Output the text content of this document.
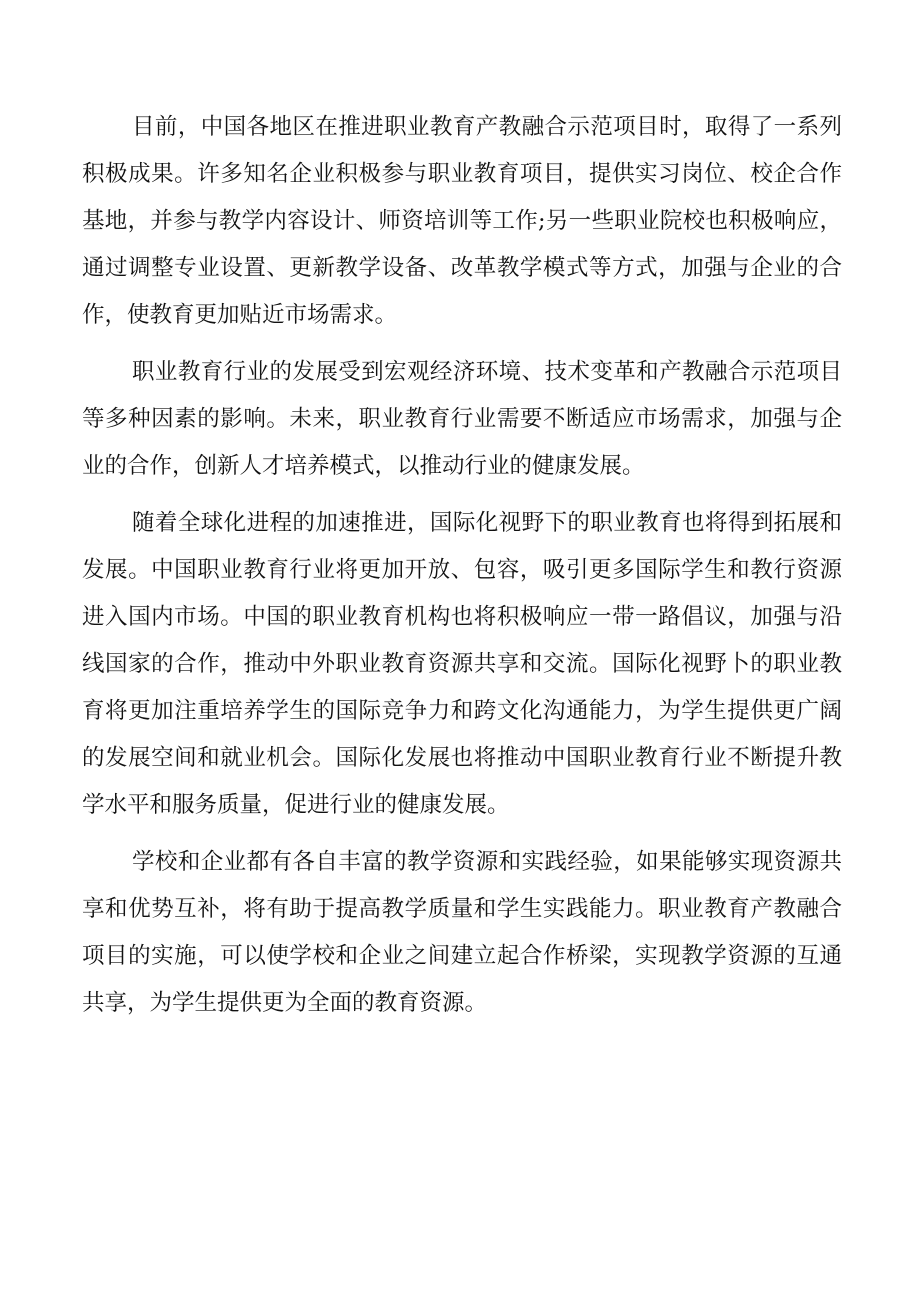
目前，中国各地区在推进职业教育产教融合示范项目时，取得了一系列积极成果。许多知名企业积极参与职业教育项目，提供实习岗位、校企合作基地，并参与教学内容设计、师资培训等工作;另一些职业院校也积极响应，通过调整专业设置、更新教学设备、改革教学模式等方式，加强与企业的合作，使教育更加贴近市场需求。

职业教育行业的发展受到宏观经济环境、技术变革和产教融合示范项目等多种因素的影响。未来，职业教育行业需要不断适应市场需求，加强与企业的合作，创新人才培养模式，以推动行业的健康发展。

随着全球化进程的加速推进，国际化视野下的职业教育也将得到拓展和发展。中国职业教育行业将更加开放、包容，吸引更多国际学生和教行资源进入国内市场。中国的职业教育机构也将积极响应一带一路倡议，加强与沿线国家的合作，推动中外职业教育资源共享和交流。国际化视野卜的职业教育将更加注重培养学生的国际竞争力和跨文化沟通能力，为学生提供更广阔的发展空间和就业机会。国际化发展也将推动中国职业教育行业不断提升教学水平和服务质量，促进行业的健康发展。

学校和企业都有各自丰富的教学资源和实践经验，如果能够实现资源共享和优势互补，将有助于提高教学质量和学生实践能力。职业教育产教融合项目的实施，可以使学校和企业之间建立起合作桥梁，实现教学资源的互通共享，为学生提供更为全面的教育资源。
